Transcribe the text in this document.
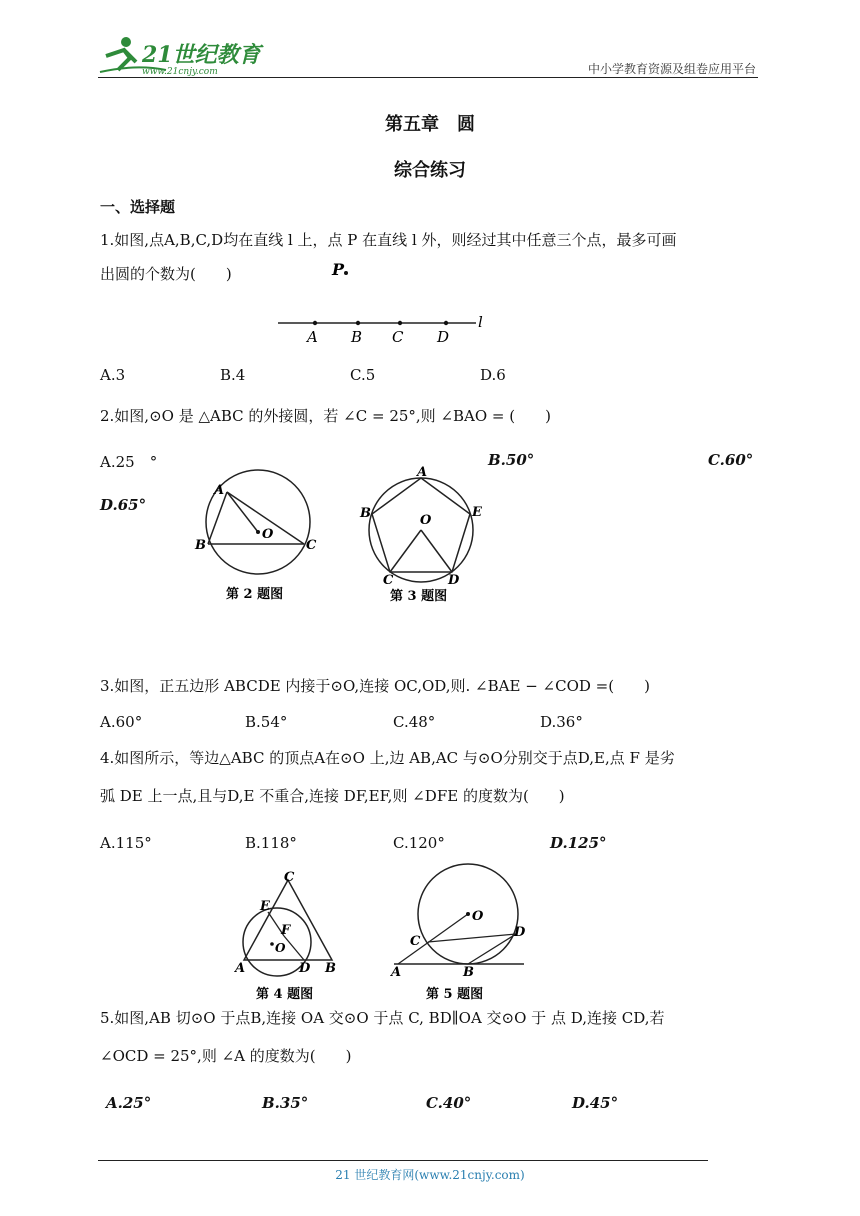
21世纪教育
www.21cnjy.com	中小学教育资源及组卷应用平台
第五章　圆
综合练习
一、选择题
1.如图,点A,B,C,D均在直线 l 上，点 P 在直线 l 外，则经过其中任意三个点，最多可画
出圆的个数为(　　)	P
A B C D
l
A.3	B.4	C.5	D.6
2.如图,⊙O 是 △ABC 的外接圆，若 ∠C = 25°,则 ∠BAO = (　　)
A.25　°	B.50°	C.60°
D.65°
A
B	C
O
第 2 题图
A
B	E
O
C	D
第 3 题图
3.如图，正五边形 ABCDE 内接于⊙O,连接 OC,OD,则. ∠BAE − ∠COD =(　　)
A.60°	B.54°	C.48°	D.36°
4.如图所示，等边△ABC 的顶点A在⊙O 上,边 AB,AC 与⊙O分别交于点D,E,点 F 是劣
弧 DE 上一点,且与D,E 不重合,连接 DF,EF,则 ∠DFE 的度数为(　　)
A.115°	B.118°	C.120°	D.125°
C
E
F
O
A	D B
第 4 题图
O
C
D
A	B
第 5 题图
5.如图,AB 切⊙O 于点B,连接 OA 交⊙O 于点 C, BD∥OA 交⊙O 于 点 D,连接 CD,若
∠OCD = 25°,则 ∠A 的度数为(　　)
A.25°	B.35°	C.40°	D.45°
21 世纪教育网(www.21cnjy.com)
